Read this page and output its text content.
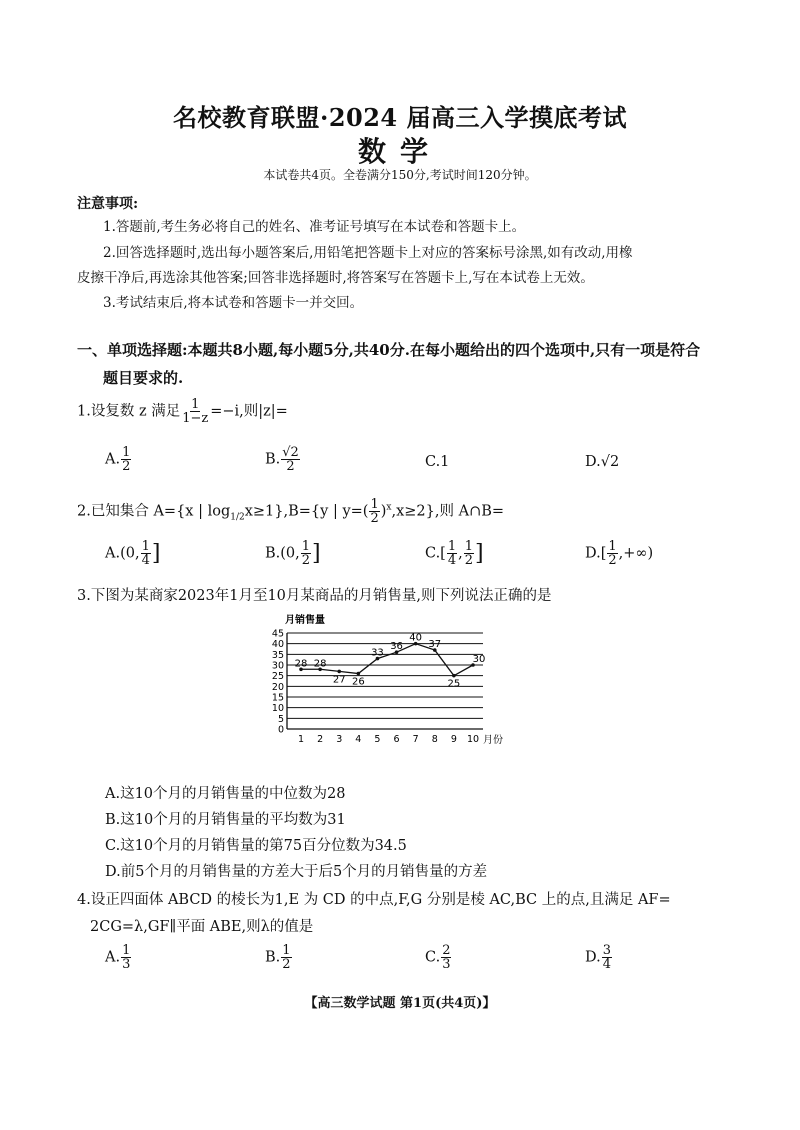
名校教育联盟·2024 届高三入学摸底考试
数学
本试卷共4页。全卷满分150分,考试时间120分钟。
注意事项:
1.答题前,考生务必将自己的姓名、准考证号填写在本试卷和答题卡上。
2.回答选择题时,选出每小题答案后,用铅笔把答题卡上对应的答案标号涂黑,如有改动,用橡
皮擦干净后,再选涂其他答案;回答非选择题时,将答案写在答题卡上,写在本试卷上无效。
3.考试结束后,将本试卷和答题卡一并交回。
一、单项选择题:本题共8小题,每小题5分,共40分.在每小题给出的四个选项中,只有一项是符合
题目要求的.
1.设复数 z 满足 $\frac{1}{1-z} =-i$,则|z|=
A. $\frac{1}{2}$	B. $\frac{√2}{2}$	C.1	D.√2
2.已知集合 A={x | $\log_{1/2}x\ge 1\},B=\{y$ | $y=( \frac{1}{2} )^x,x\ge 2$},则 A∩B=
A.(0, $\frac{1}{4}$ ]	B.(0, $\frac{1}{2}$ ]	$C.[ \frac{1}{4}$ , $\frac{1}{2}$ ]	$D.[ \frac{1}{2}$ ,+∞)
3.下图为某商家2023年1月至10月某商品的月销售量,则下列说法正确的是
月销售量
0
5
10
15
20
25
30
35
40
45
1 2 3 4 5 6 7 8 9 10
28 28
27 26
33
36
40
37
25
30
月份
A.这10个月的月销售量的中位数为28
B.这10个月的月销售量的平均数为31
C.这10个月的月销售量的第75百分位数为34.5
D.前5个月的月销售量的方差大于后5个月的月销售量的方差
4.设正四面体 ABCD 的棱长为1,E 为 CD 的中点,F,G 分别是棱 AC,BC 上的点,且满足 AF=
2CG=λ,GF∥平面 ABE,则λ的值是
A. $\frac{1}{3}$	B. $\frac{1}{2}$	C. $\frac{2}{3}$	D. $\frac{3}{4}$
【高三数学试题 第1页(共4页)】
